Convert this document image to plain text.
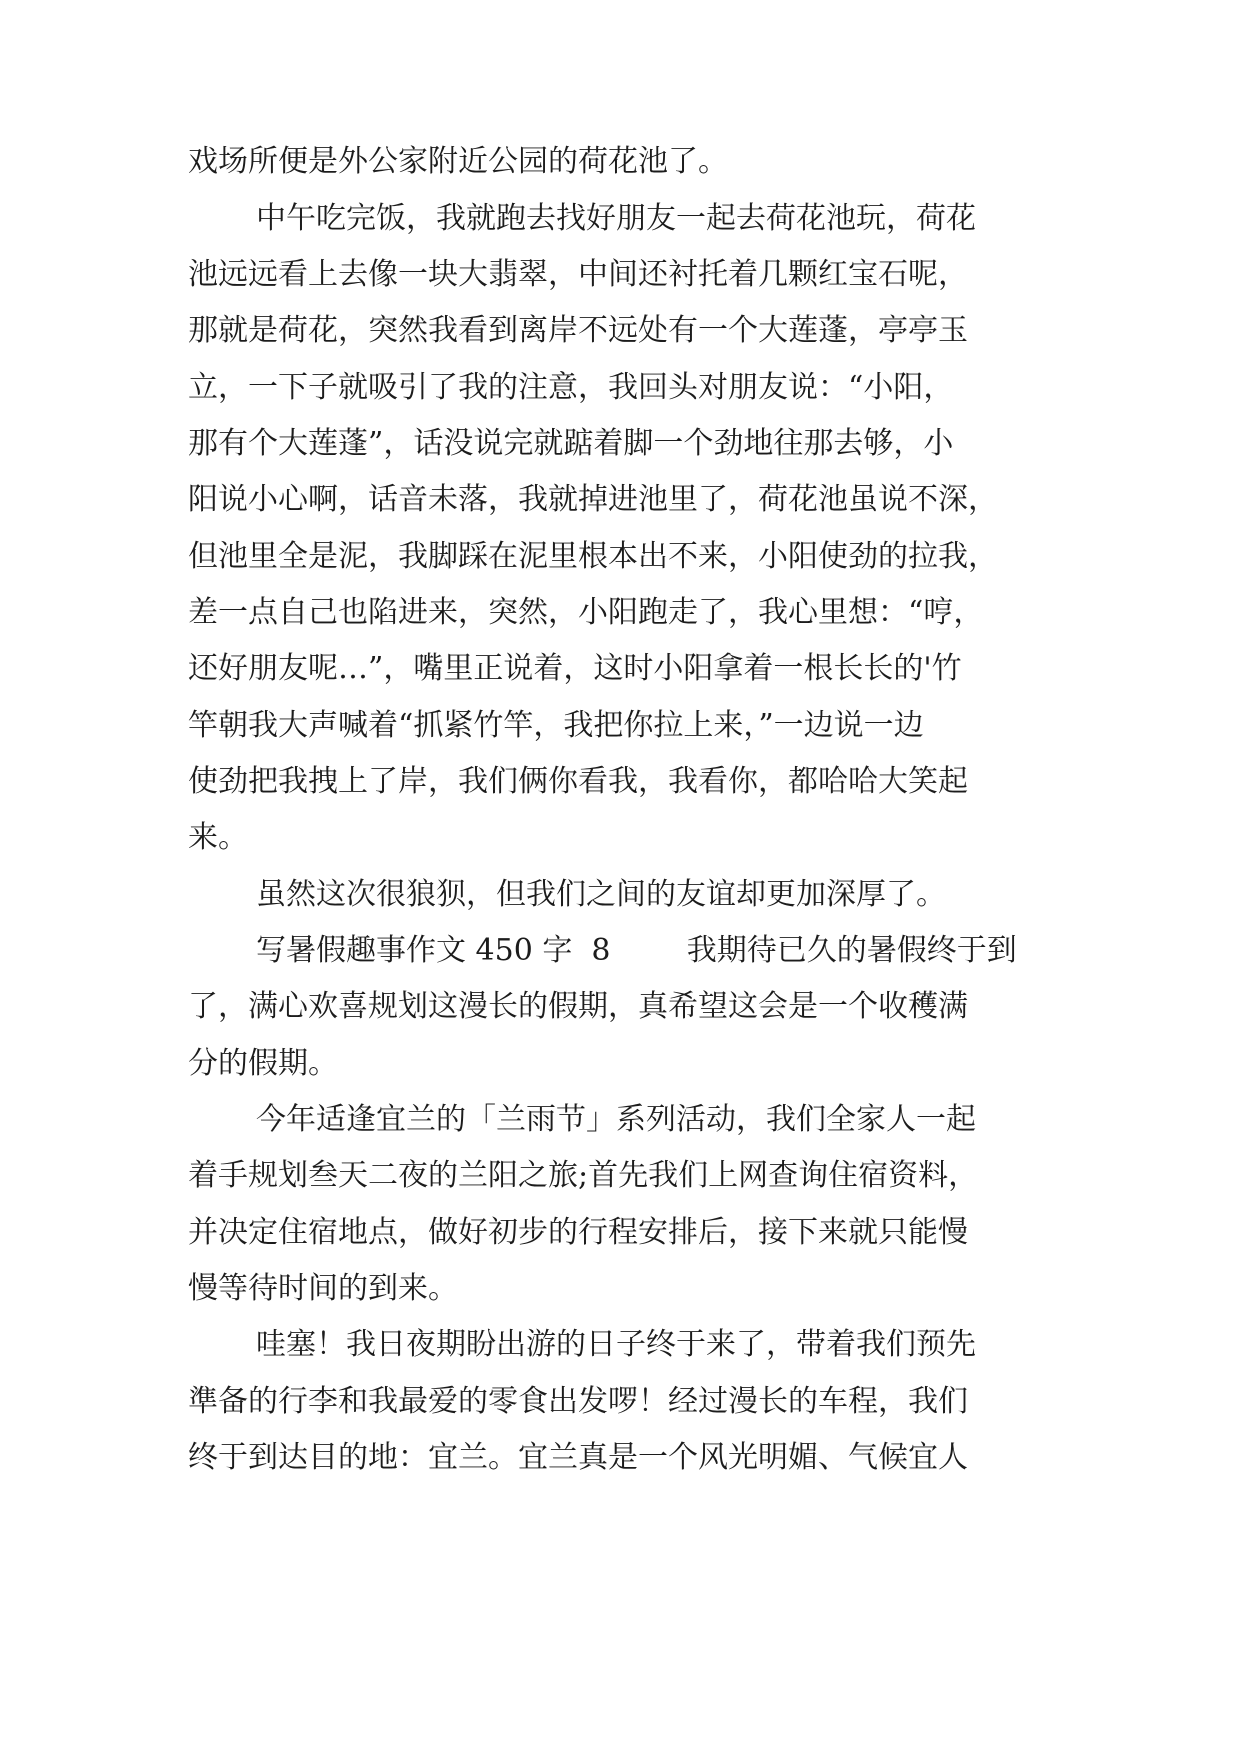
戏场所便是外公家附近公园的荷花池了。

中午吃完饭，我就跑去找好朋友一起去荷花池玩，荷花

池远远看上去像一块大翡翠，中间还衬托着几颗红宝石呢，

那就是荷花，突然我看到离岸不远处有一个大莲蓬，亭亭玉

立，一下子就吸引了我的注意，我回头对朋友说：“小阳，

那有个大莲蓬”，话没说完就踮着脚一个劲地往那去够，小

阳说小心啊，话音未落，我就掉进池里了，荷花池虽说不深，

但池里全是泥，我脚踩在泥里根本出不来，小阳使劲的拉我，

差一点自己也陷进来，突然，小阳跑走了，我心里想：“哼，

还好朋友呢…”，嘴里正说着，这时小阳拿着一根长长的'竹

竿朝我大声喊着“抓紧竹竿，我把你拉上来，”一边说一边

使劲把我拽上了岸，我们俩你看我，我看你，都哈哈大笑起

来。

虽然这次很狼狈，但我们之间的友谊却更加深厚了。

写暑假趣事作文 450 字  8        我期待已久的暑假终于到

了，满心欢喜规划这漫长的假期，真希望这会是一个收穫满

分的假期。

今年适逢宜兰的「兰雨节」系列活动，我们全家人一起

着手规划叁天二夜的兰阳之旅;首先我们上网查询住宿资料，

并决定住宿地点，做好初步的行程安排后，接下来就只能慢

慢等待时间的到来。

哇塞！我日夜期盼出游的日子终于来了，带着我们预先

準备的行李和我最爱的零食出发啰！经过漫长的车程，我们

终于到达目的地：宜兰。宜兰真是一个风光明媚、气候宜人
